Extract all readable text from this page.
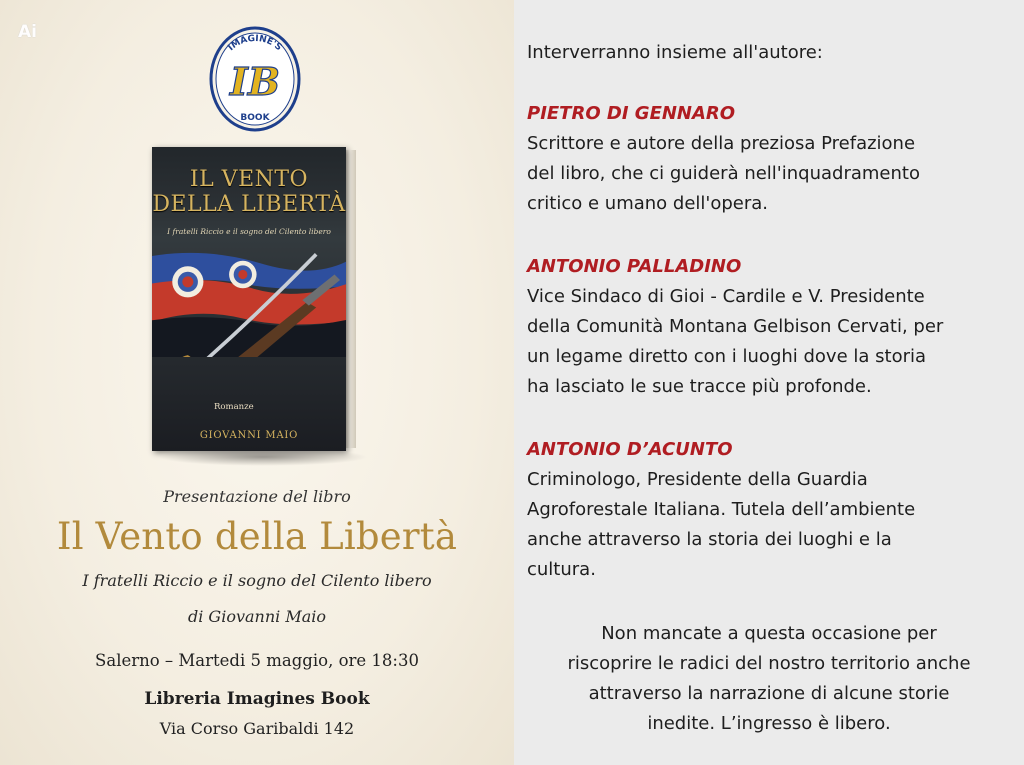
Ai
IMAGINE'S
IB
BOOK
IL VENTO
DELLA LIBERTÀ
I fratelli Riccio e il sogno del Cilento libero
Romanze
GIOVANNI MAIO
Presentazione del libro
Il Vento della Libertà
I fratelli Riccio e il sogno del Cilento libero
di Giovanni Maio
Salerno – Martedi 5 maggio, ore 18:30
Libreria Imagines Book
Via Corso Garibaldi 142
Interverranno insieme all'autore:
PIETRO DI GENNARO
Scrittore e autore della preziosa Prefazione
del libro, che ci guiderà nell'inquadramento
critico e umano dell'opera.
ANTONIO PALLADINO
Vice Sindaco di Gioi - Cardile e V. Presidente
della Comunità Montana Gelbison Cervati, per
un legame diretto con i luoghi dove la storia
ha lasciato le sue tracce più profonde.
ANTONIO D’ACUNTO
Criminologo, Presidente della Guardia
Agroforestale Italiana. Tutela dell’ambiente
anche attraverso la storia dei luoghi e la
cultura.
Non mancate a questa occasione per
riscoprire le radici del nostro territorio anche
attraverso la narrazione di alcune storie
inedite. L’ingresso è libero.
